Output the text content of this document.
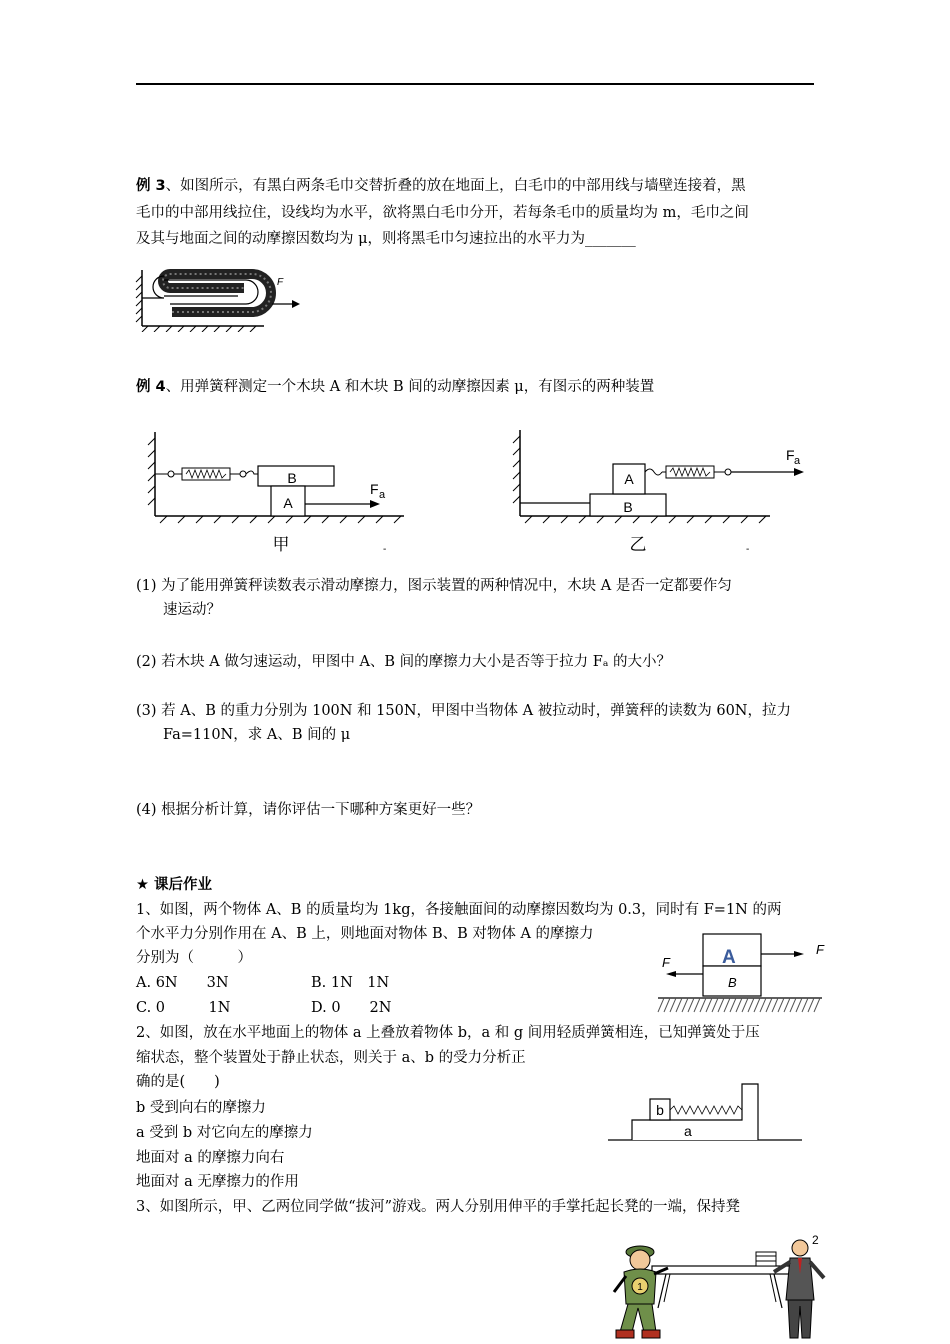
例 3、如图所示，有黑白两条毛巾交替折叠的放在地面上，白毛巾的中部用线与墙壁连接着，黑
毛巾的中部用线拉住，设线均为水平，欲将黑白毛巾分开，若每条毛巾的质量均为 m，毛巾之间
及其与地面之间的动摩擦因数均为 μ，则将黑毛巾匀速拉出的水平力为_______
F
例 4、用弹簧秤测定一个木块 A 和木块 B 间的动摩擦因素 μ，有图示的两种装置
B
A
F a
甲	-
A
B
F a
乙	-
(1) 为了能用弹簧秤读数表示滑动摩擦力，图示装置的两种情况中，木块 A 是否一定都要作匀
速运动？
(2) 若木块 A 做匀速运动，甲图中 A、B 间的摩擦力大小是否等于拉力 Fₐ 的大小？
(3) 若 A、B 的重力分别为 100N 和 150N，甲图中当物体 A 被拉动时，弹簧秤的读数为 60N，拉力
Fa=110N，求 A、B 间的 μ
(4) 根据分析计算，请你评估一下哪种方案更好一些？
★ 课后作业
1、如图，两个物体 A、B 的质量均为 1kg，各接触面间的动摩擦因数均为 0.3，同时有 F=1N 的两
个水平力分别作用在 A、B 上，则地面对物体 B、B 对物体 A 的摩擦力
分别为（　　　）
A. 6N　　3N	B. 1N　1N
C. 0　　　1N	D. 0　　2N
A
B
F
F
2、如图，放在水平地面上的物体 a 上叠放着物体 b，a 和 g 间用轻质弹簧相连，已知弹簧处于压
缩状态，整个装置处于静止状态，则关于 a、b 的受力分析正
确的是(　　)
b 受到向右的摩擦力
a 受到 b 对它向左的摩擦力
地面对 a 的摩擦力向右
地面对 a 无摩擦力的作用
b
a
3、如图所示，甲、乙两位同学做“拔河”游戏。两人分别用伸平的手掌托起长凳的一端，保持凳
1
2
